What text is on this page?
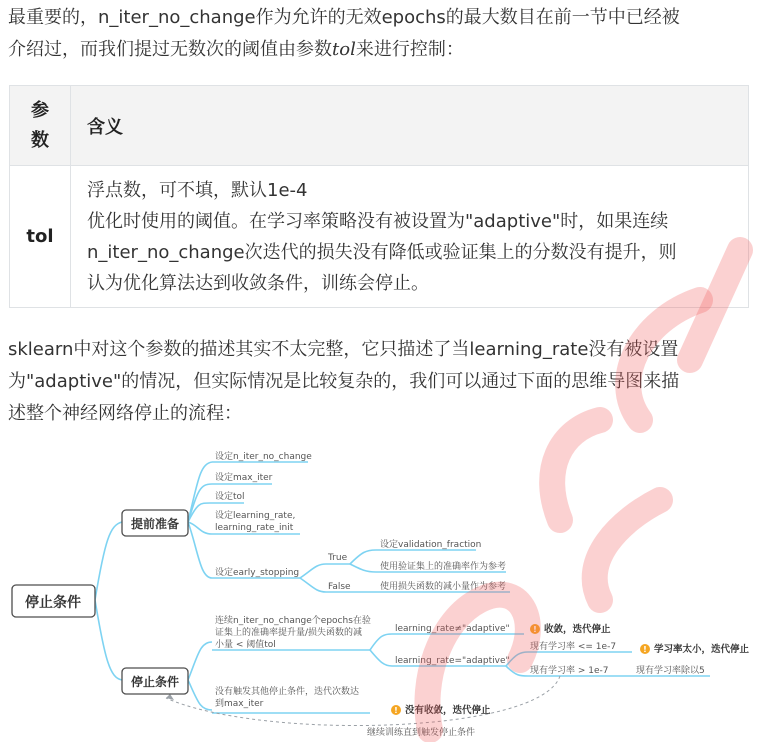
最重要的，n_iter_no_change作为允许的无效epochs的最大数目在前一节中已经被
介绍过，而我们提过无数次的阈值由参数tol来进行控制：
参
数	含义
tol	浮点数，可不填，默认1e-4
优化时使用的阈值。在学习率策略没有被设置为"adaptive"时，如果连续
n_iter_no_change次迭代的损失没有降低或验证集上的分数没有提升，则
认为优化算法达到收敛条件，训练会停止。
sklearn中对这个参数的描述其实不太完整，它只描述了当learning_rate没有被设置
为"adaptive"的情况，但实际情况是比较复杂的，我们可以通过下面的思维导图来描
述整个神经网络停止的流程：
停止条件
提前准备
停止条件
设定n_iter_no_change
设定max_iter
设定tol
设定learning_rate,
learning_rate_init
设定early_stopping
True
False
设定validation_fraction
使用验证集上的准确率作为参考
使用损失函数的减小量作为参考
连续n_iter_no_change个epochs在验
证集上的准确率提升量/损失函数的减
小量 < 阈值tol
learning_rate≠"adaptive"
learning_rate="adaptive"
现有学习率 <= 1e-7
现有学习率 > 1e-7	现有学习率除以5
没有触发其他停止条件，迭代次数达
到max_iter
继续训练直到触发停止条件
! 收敛，迭代停止
! 学习率太小，迭代停止
! 没有收敛，迭代停止
